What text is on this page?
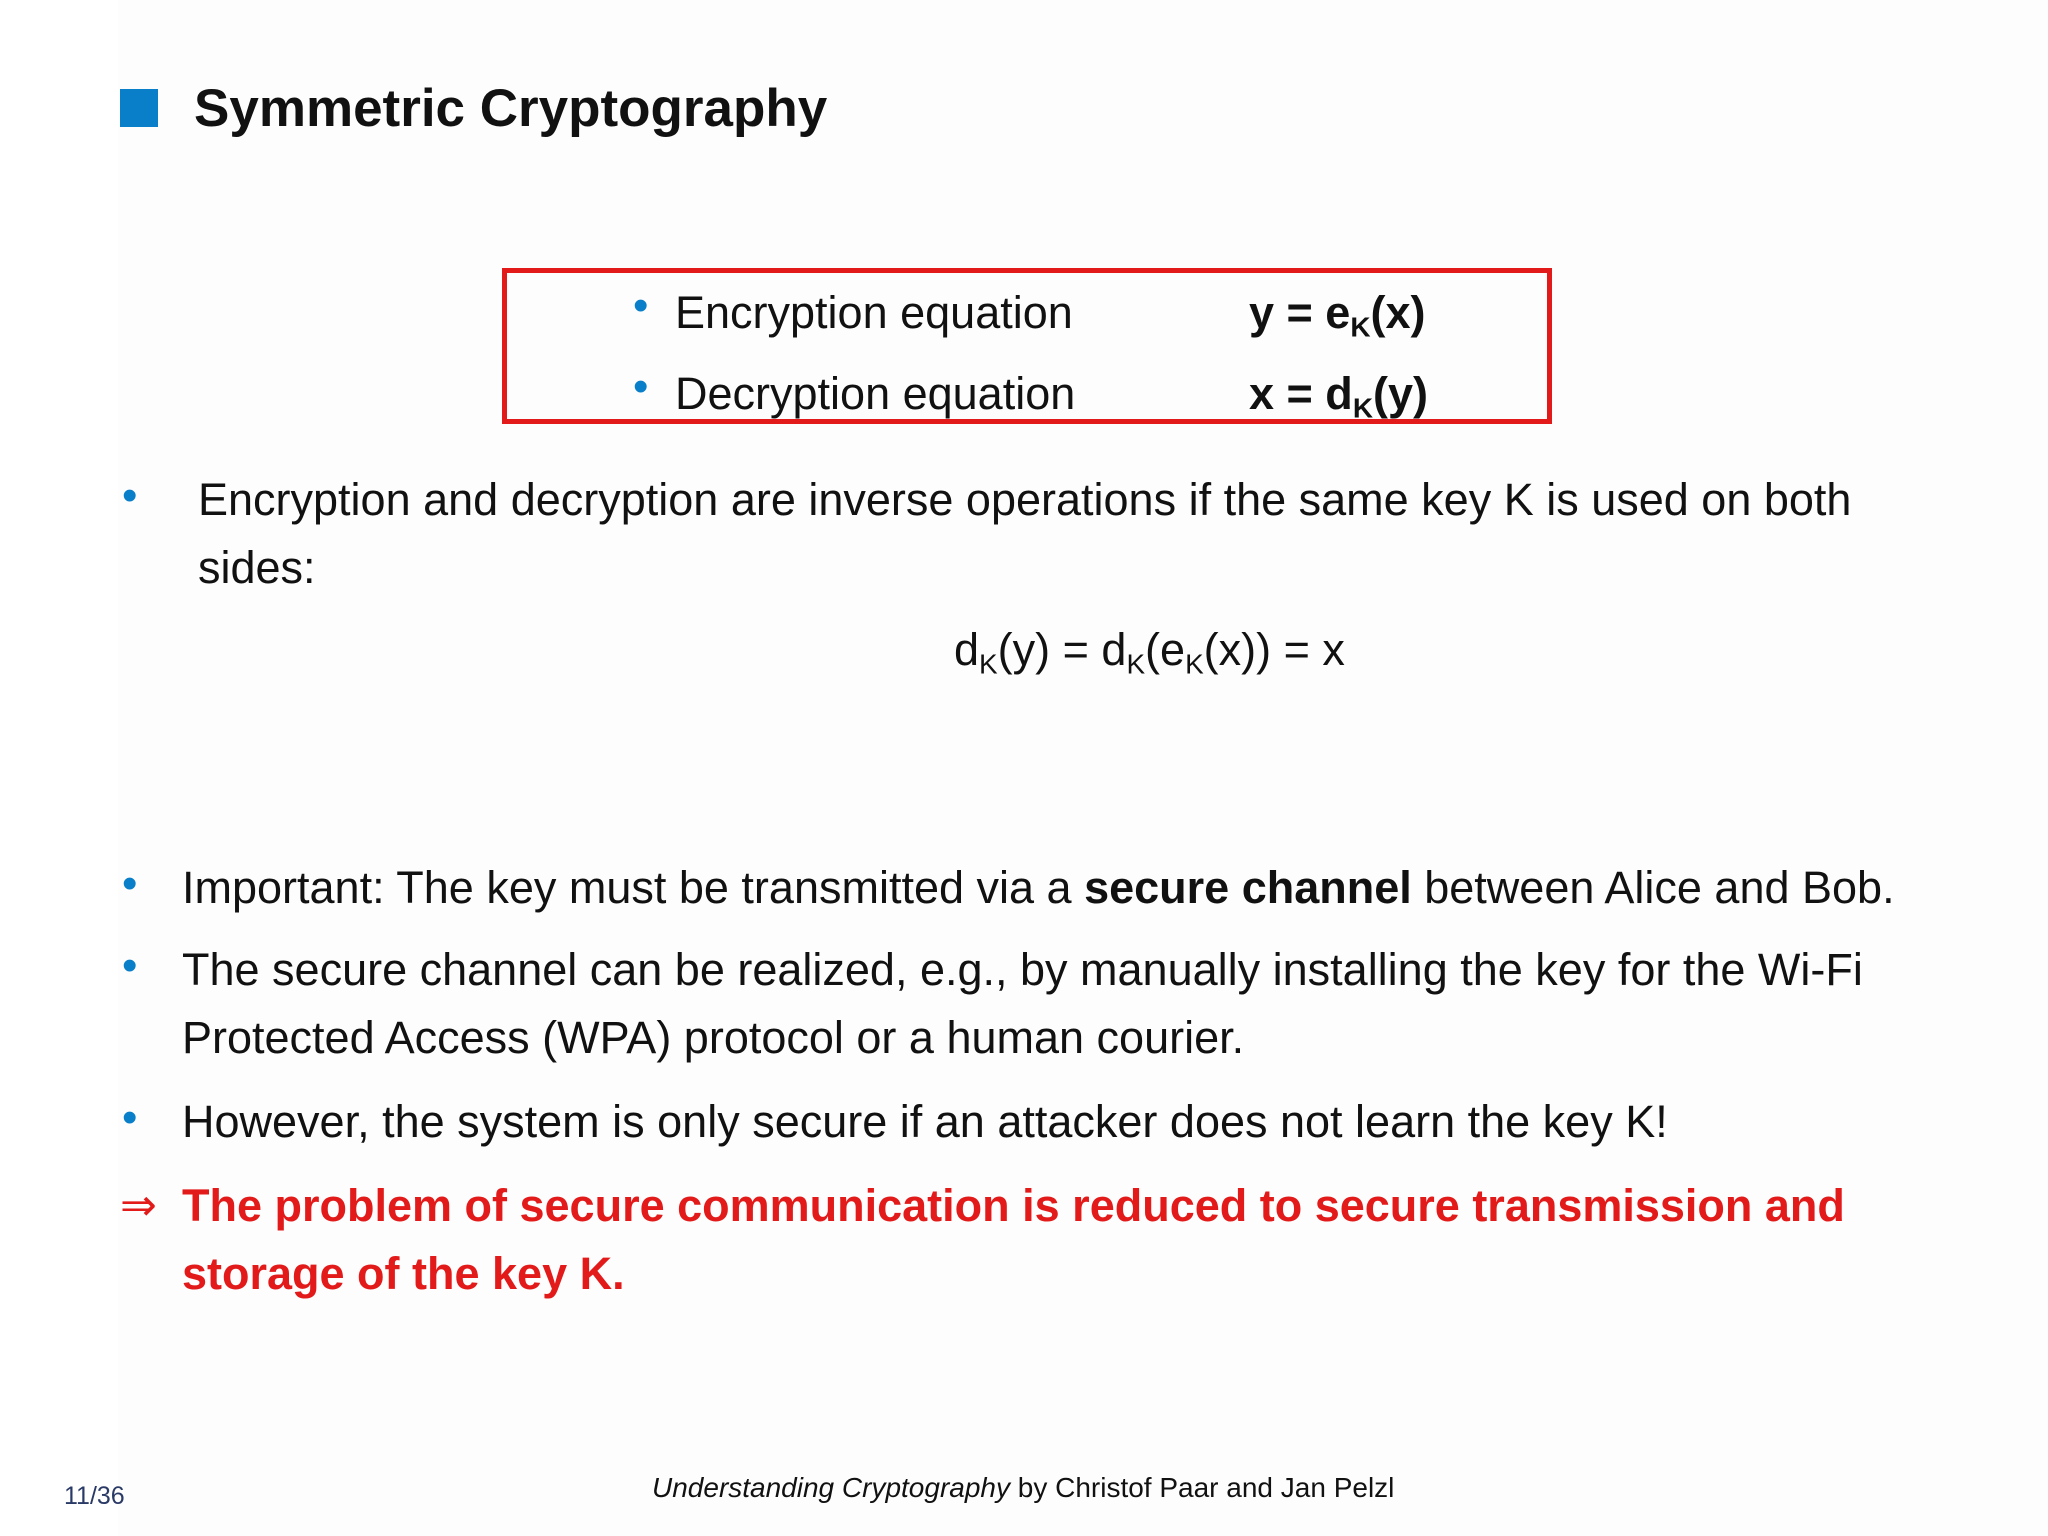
Symmetric Cryptography
• Encryption equation	$y = e_K(x)$
• Decryption equation	$x = d_K(y)$
• Encryption and decryption are inverse operations if the same key K is used on both sides:
$d_K(y) = d_K(e_K(x)) = x$
• Important: The key must be transmitted via a secure channel between Alice and Bob.
• The secure channel can be realized, e.g., by manually installing the key for the Wi-Fi Protected Access (WPA) protocol or a human courier.
• However, the system is only secure if an attacker does not learn the key K!
⇒ The problem of secure communication is reduced to secure transmission and storage of the key K.
11/36	Understanding Cryptography by Christof Paar and Jan Pelzl
